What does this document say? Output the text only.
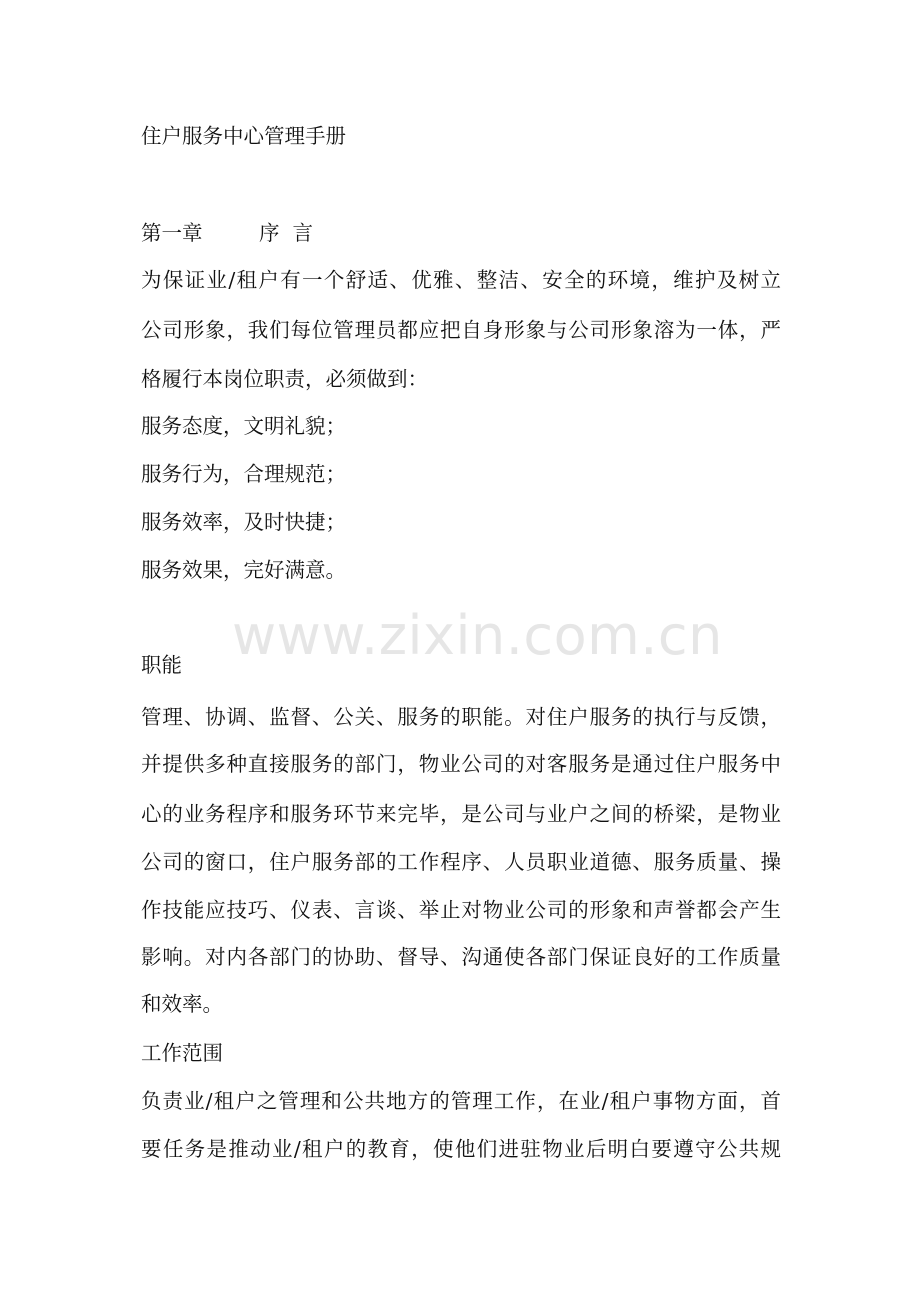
住户服务中心管理手册
第一章	序  言
为保证业/租户有一个舒适、优雅、整洁、安全的环境，维护及树立
公司形象，我们每位管理员都应把自身形象与公司形象溶为一体，严
格履行本岗位职责，必须做到：
服务态度，文明礼貌；
服务行为，合理规范；
服务效率，及时快捷；
服务效果，完好满意。
www.zixin.com.cn
职能
管理、协调、监督、公关、服务的职能。对住户服务的执行与反馈，
并提供多种直接服务的部门，物业公司的对客服务是通过住户服务中
心的业务程序和服务环节来完毕，是公司与业户之间的桥梁，是物业
公司的窗口，住户服务部的工作程序、人员职业道德、服务质量、操
作技能应技巧、仪表、言谈、举止对物业公司的形象和声誉都会产生
影响。对内各部门的协助、督导、沟通使各部门保证良好的工作质量
和效率。
工作范围
负责业/租户之管理和公共地方的管理工作，在业/租户事物方面，首
要任务是推动业/租户的教育，使他们进驻物业后明白要遵守公共规
